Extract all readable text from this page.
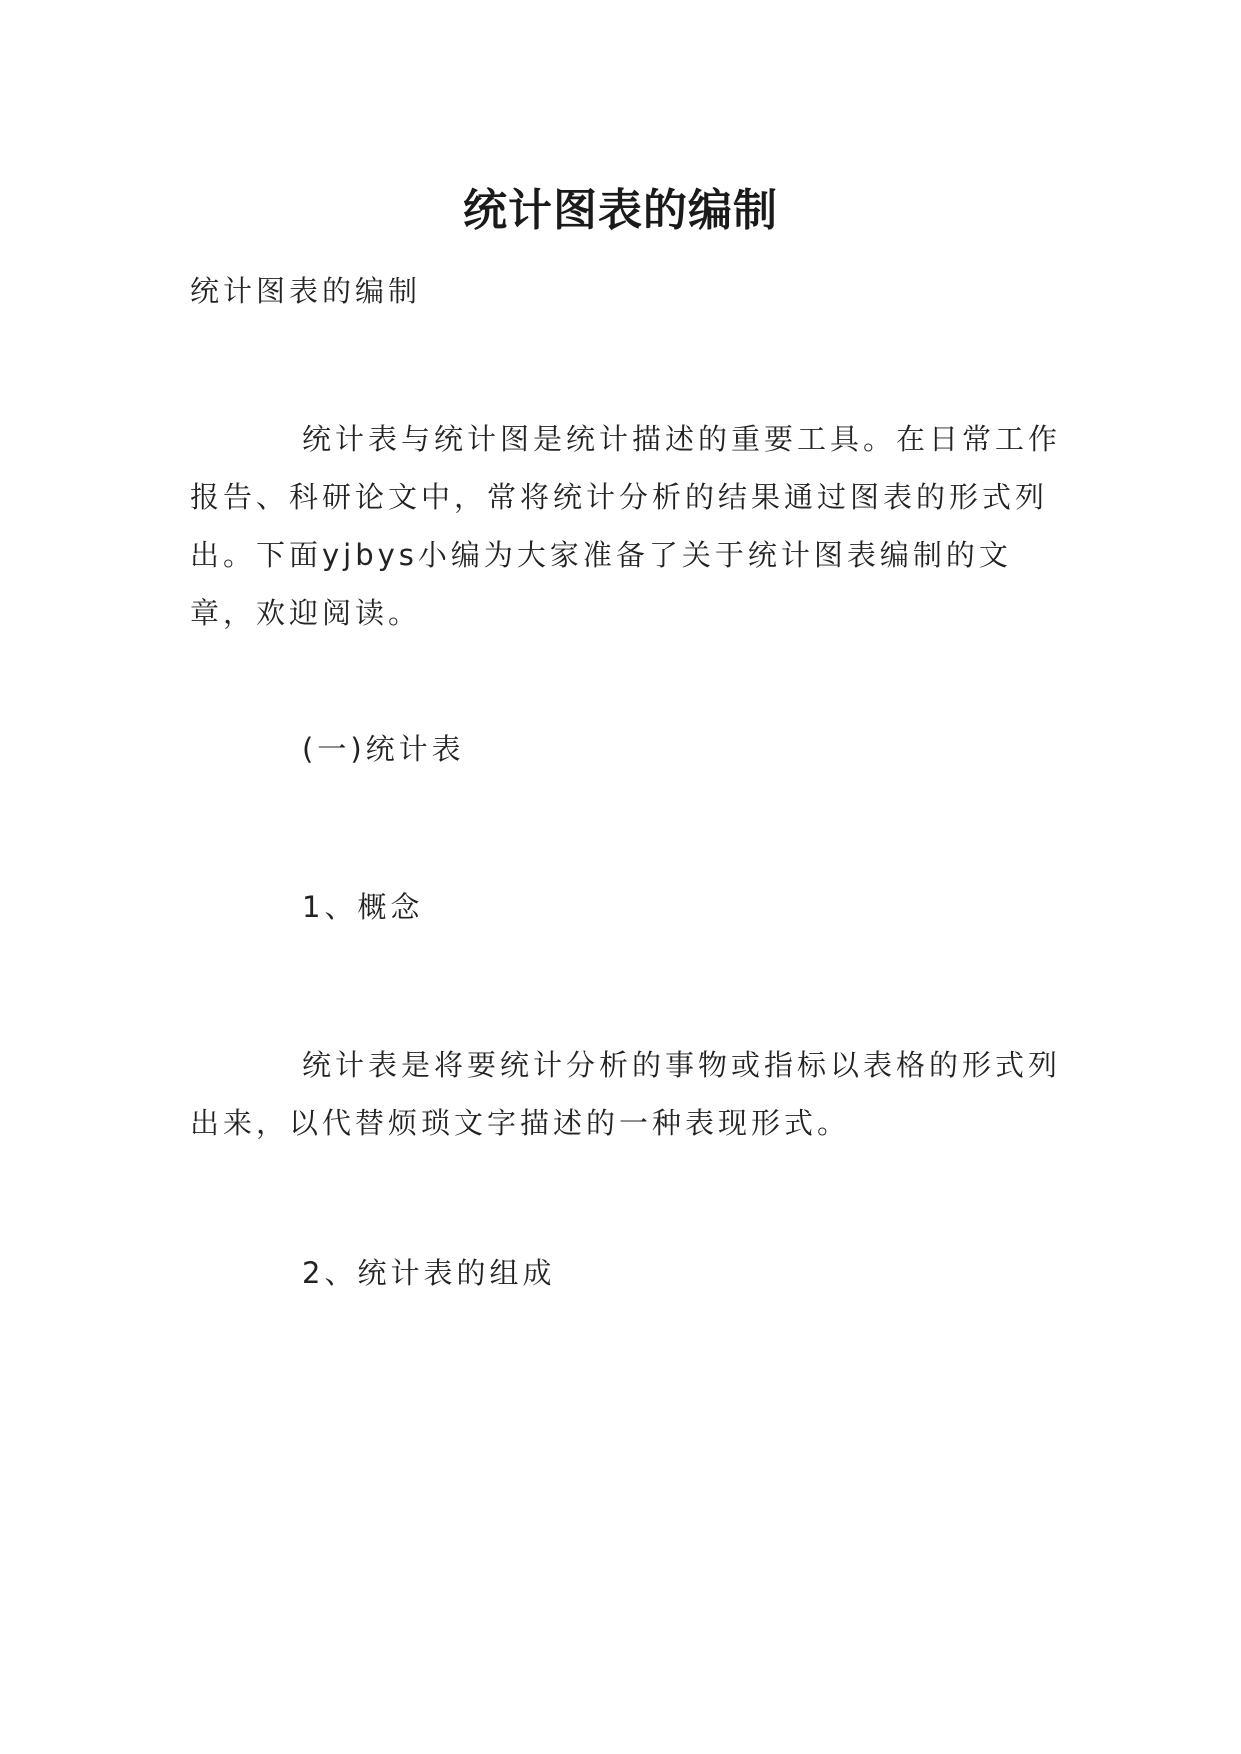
统计图表的编制

统计图表的编制

统计表与统计图是统计描述的重要工具。在日常工作报告、科研论文中，常将统计分析的结果通过图表的形式列出。下面yjbys小编为大家准备了关于统计图表编制的文章，欢迎阅读。

(一)统计表

1、概念

统计表是将要统计分析的事物或指标以表格的形式列出来，以代替烦琐文字描述的一种表现形式。

2、统计表的组成
